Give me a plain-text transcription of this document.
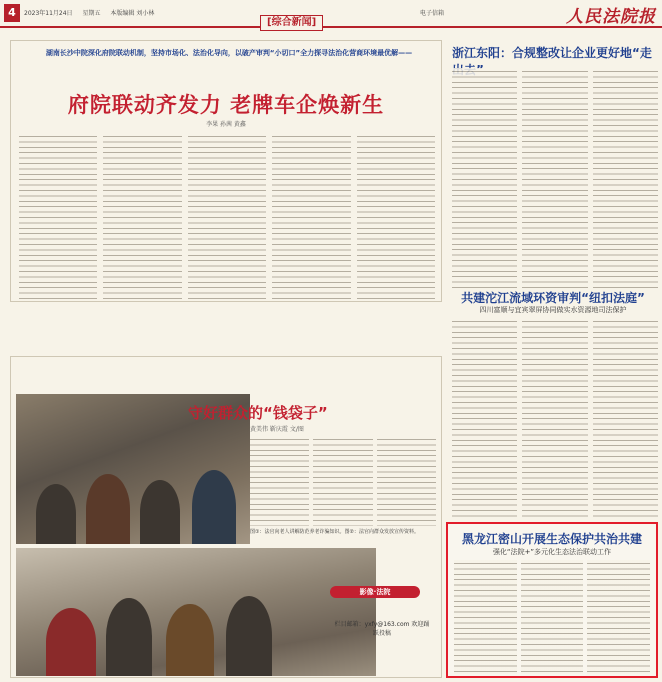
4	2023年11月24日 星期五 本版编辑 刘小林	电子信箱	人民法院报
[综合新闻]
湖南长沙中院深化府院联动机制，坚持市场化、法治化导向，以破产审判“小切口”全力探寻法治化营商环境最优解——
府院联动齐发力 老牌车企焕新生
李果 孙茜 黄鑫
浙江东阳：合规整改让企业更好地“走
共建沱江流域环资审判“纽扣法庭”
四川富顺与宜宾翠屏协同做实水资源地司法保护
守好群众的“钱袋子”
黄美伟 靳庆霞 文/图
图①：法官向老人讲解防范养老诈骗知识。图②：法官向群众发放宣传资料。
影像·法院
栏目邮箱：yxfy@163.com 欢迎踊跃投稿
黑龙江密山开展生态保护共治共建
强化“法院+”多元化生态法治联动工作
